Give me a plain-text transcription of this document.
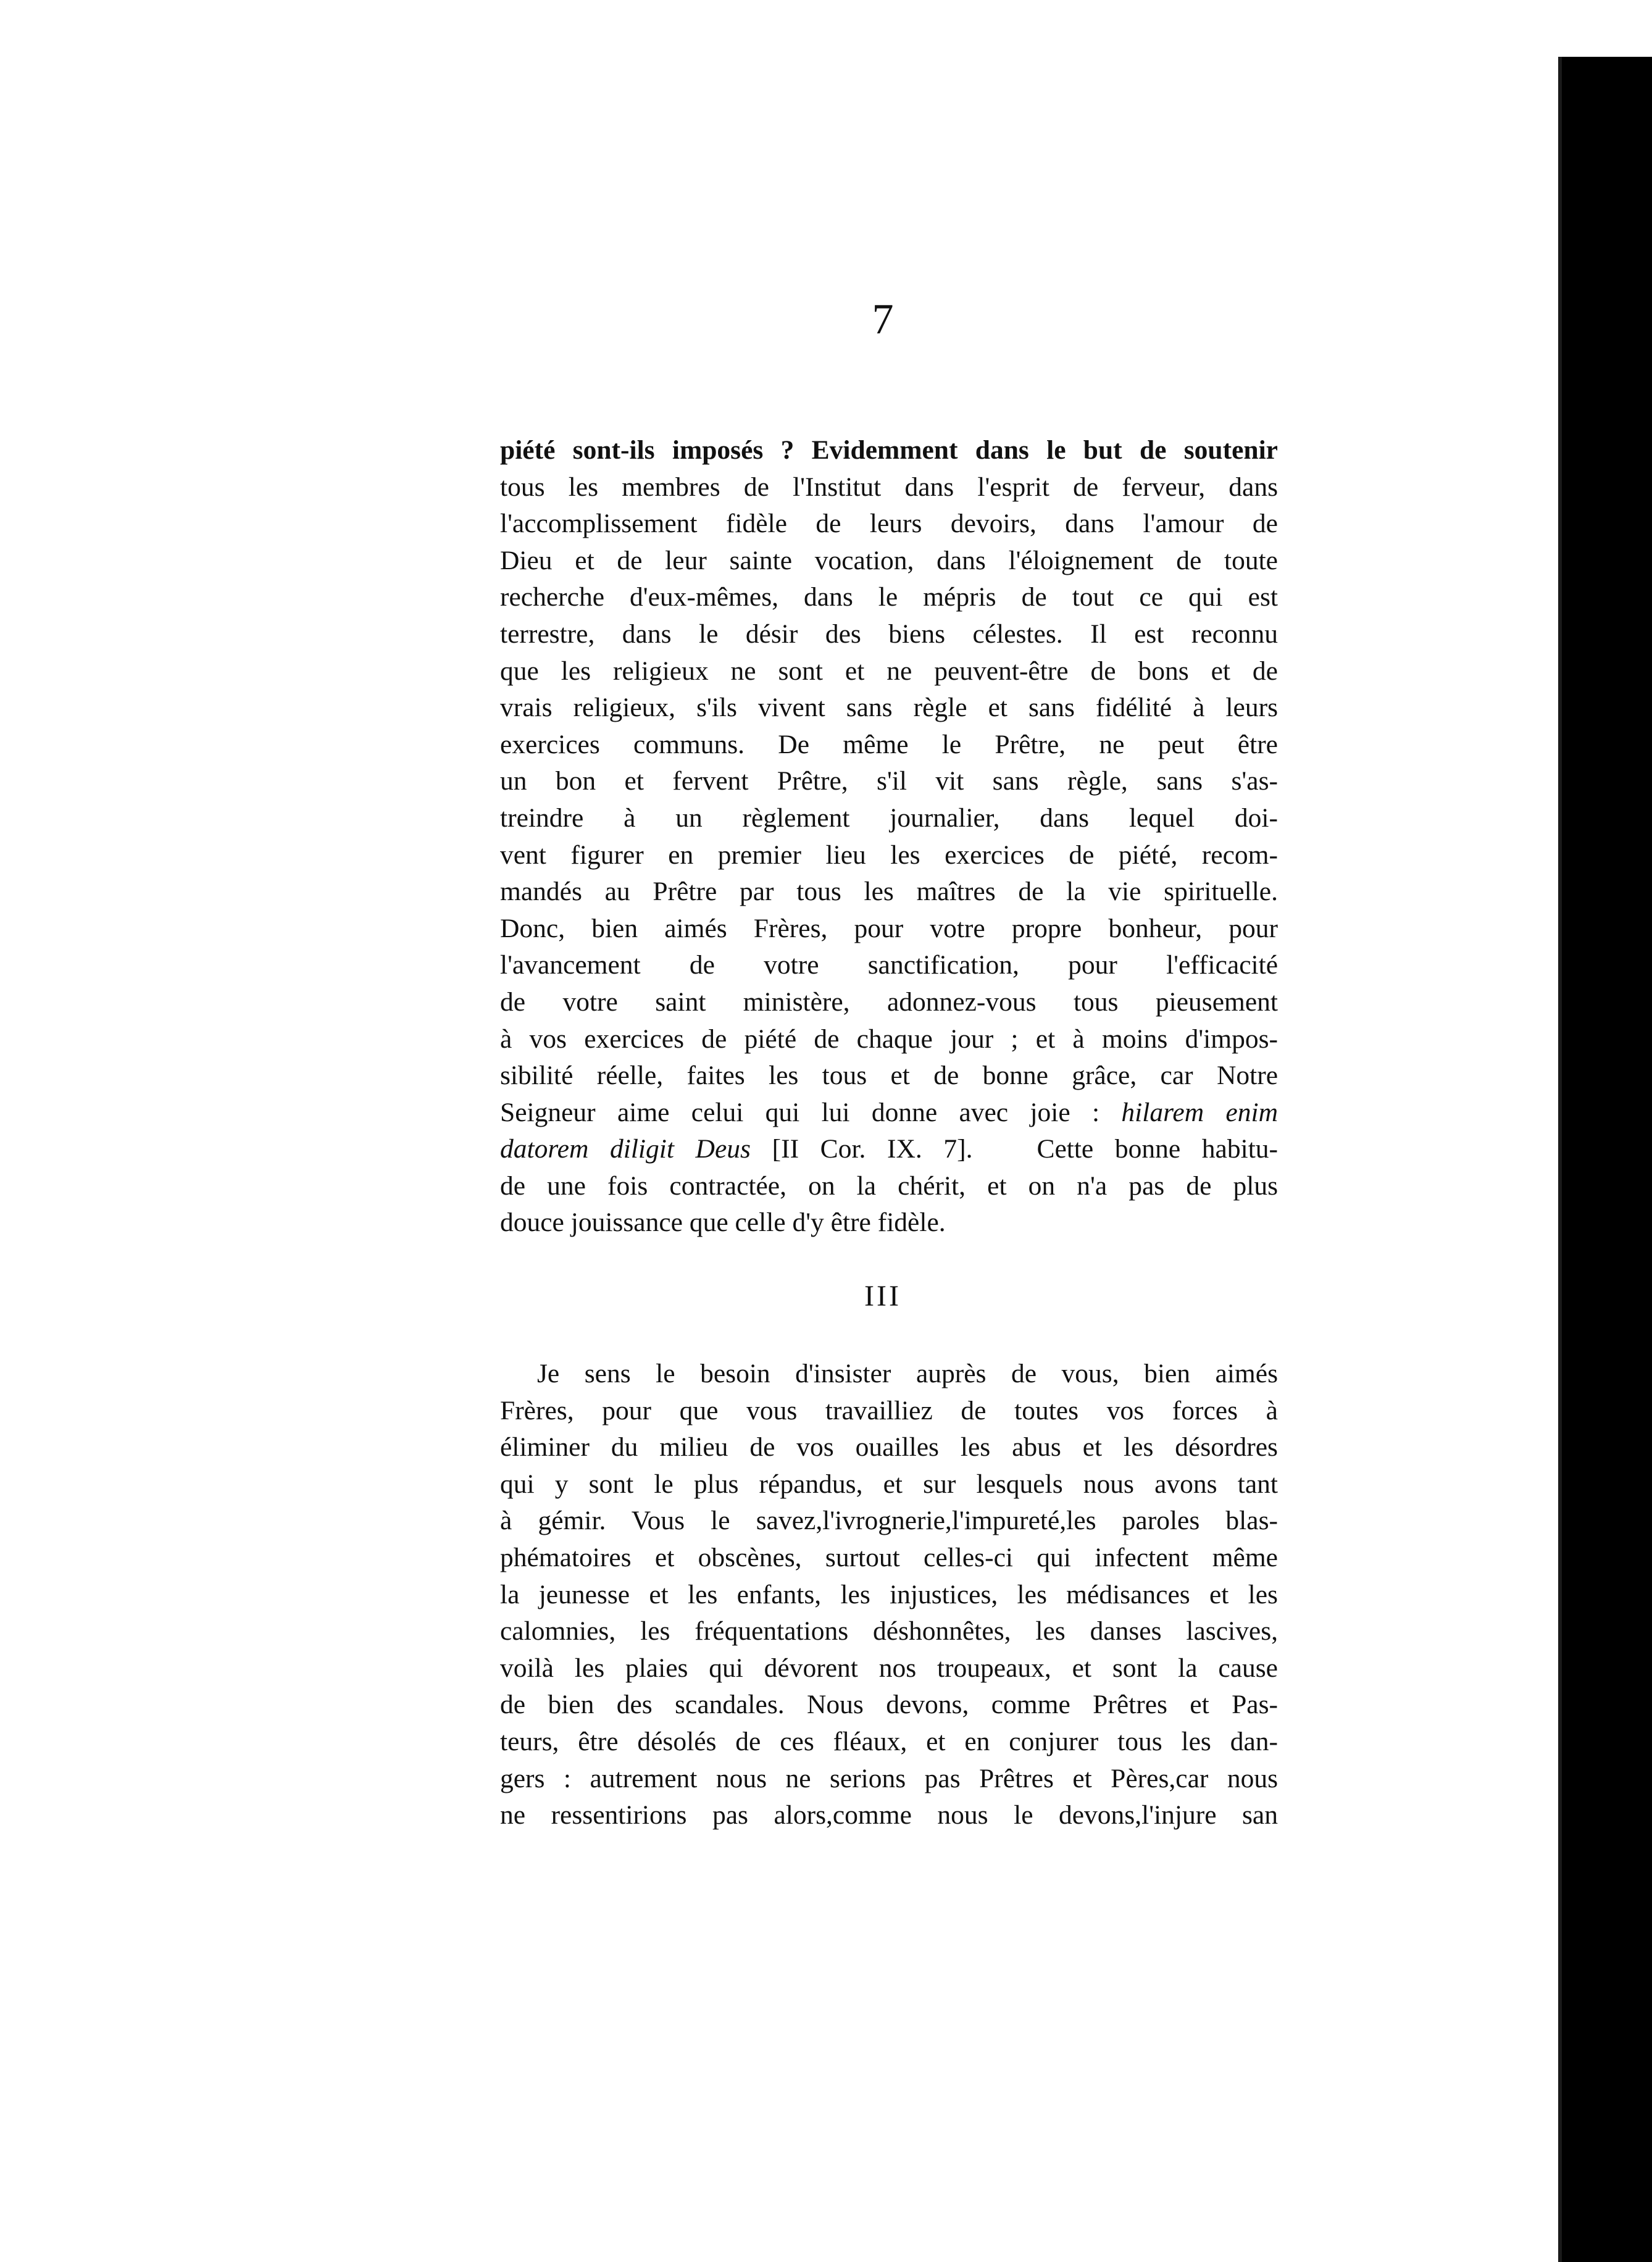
7
piété sont-ils imposés ? Evidemment dans le but de soutenir
tous les membres de l'Institut dans l'esprit de ferveur, dans
l'accomplissement fidèle de leurs devoirs, dans l'amour de
Dieu et de leur sainte vocation, dans l'éloignement de toute
recherche d'eux-mêmes, dans le mépris de tout ce qui est
terrestre, dans le désir des biens célestes. Il est reconnu
que les religieux ne sont et ne peuvent-être de bons et de
vrais religieux, s'ils vivent sans règle et sans fidélité à leurs
exercices communs. De même le Prêtre, ne peut être
un bon et fervent Prêtre, s'il vit sans règle, sans s'as-
treindre à un règlement journalier, dans lequel doi-
vent figurer en premier lieu les exercices de piété, recom-
mandés au Prêtre par tous les maîtres de la vie spirituelle.
Donc, bien aimés Frères, pour votre propre bonheur, pour
l'avancement de votre sanctification, pour l'efficacité
de votre saint ministère, adonnez-vous tous pieusement
à vos exercices de piété de chaque jour ; et à moins d'impos-
sibilité réelle, faites les tous et de bonne grâce, car Notre
Seigneur aime celui qui lui donne avec joie : hilarem enim
datorem diligit Deus [II Cor. IX. 7]. Cette bonne habitu-
de une fois contractée, on la chérit, et on n'a pas de plus
douce jouissance que celle d'y être fidèle.
III
Je sens le besoin d'insister auprès de vous, bien aimés
Frères, pour que vous travailliez de toutes vos forces à
éliminer du milieu de vos ouailles les abus et les désordres
qui y sont le plus répandus, et sur lesquels nous avons tant
à gémir. Vous le savez,l'ivrognerie,l'impureté,les paroles blas-
phématoires et obscènes, surtout celles-ci qui infectent même
la jeunesse et les enfants, les injustices, les médisances et les
calomnies, les fréquentations déshonnêtes, les danses lascives,
voilà les plaies qui dévorent nos troupeaux, et sont la cause
de bien des scandales. Nous devons, comme Prêtres et Pas-
teurs, être désolés de ces fléaux, et en conjurer tous les dan-
gers : autrement nous ne serions pas Prêtres et Pères,car nous
ne ressentirions pas alors,comme nous le devons,l'injure san
